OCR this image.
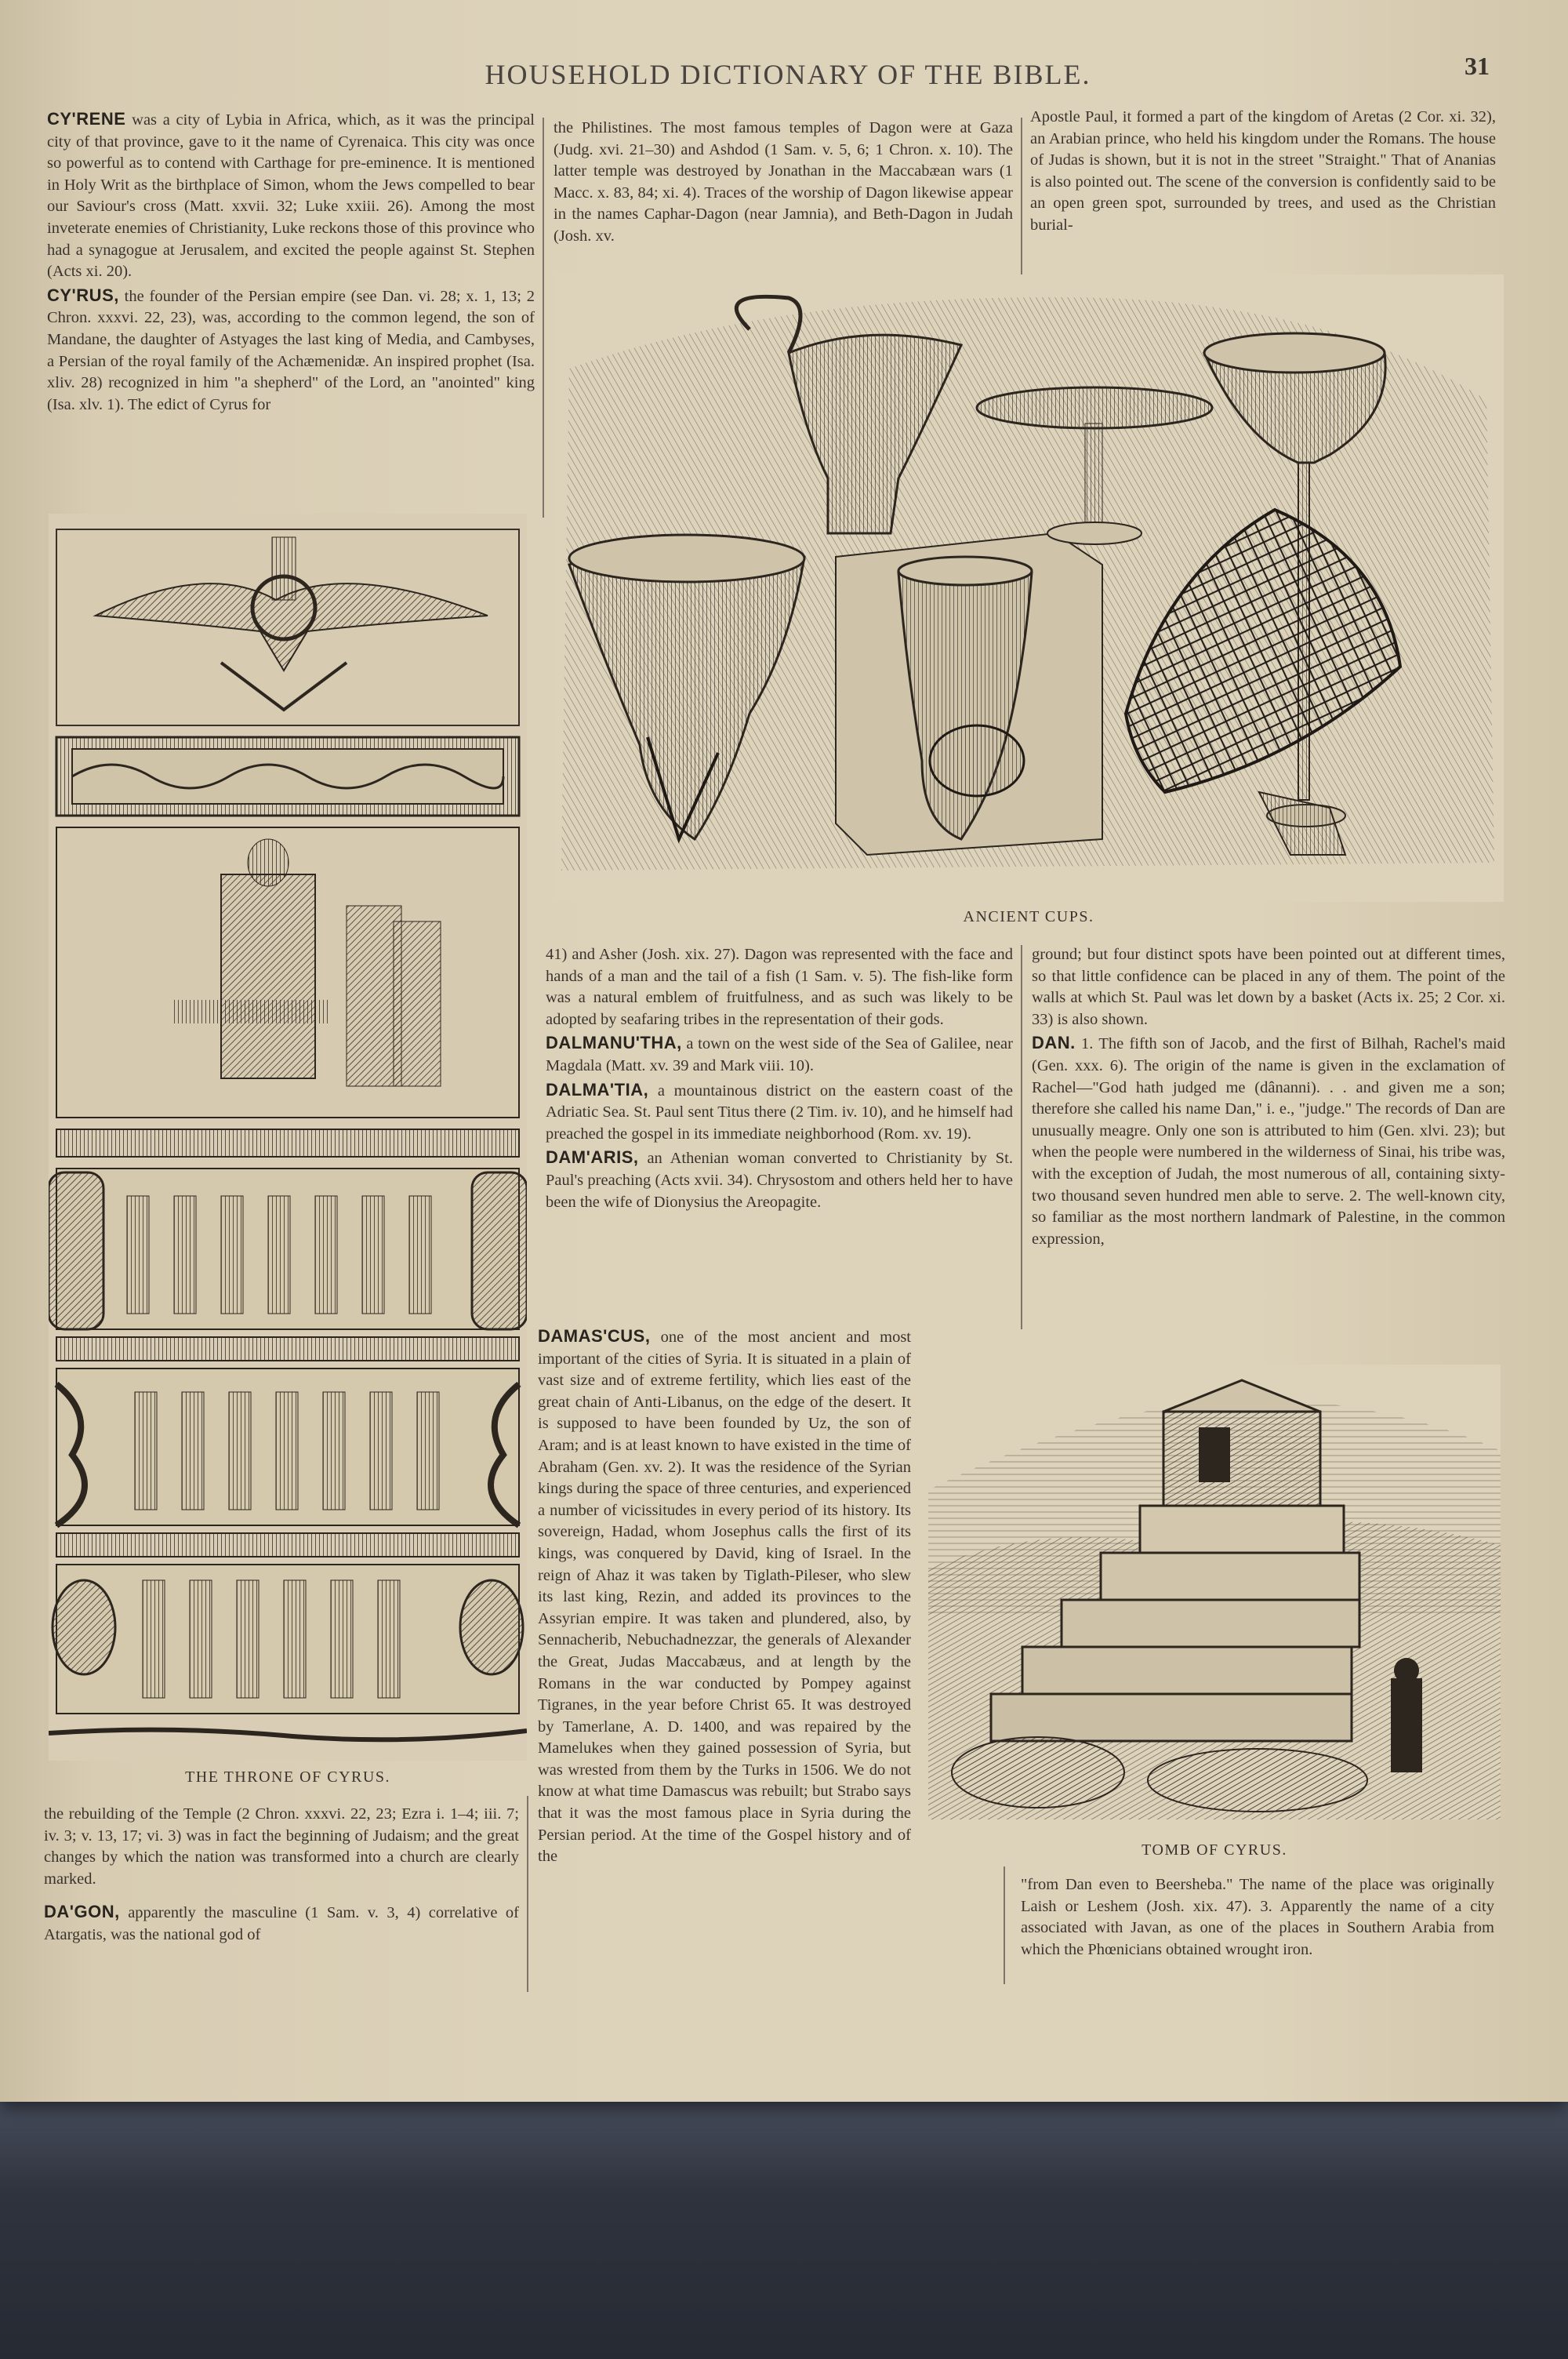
HOUSEHOLD DICTIONARY OF THE BIBLE.	31

CY'RENE was a city of Lybia in Africa, which, as it was the principal city of that province, gave to it the name of Cyrenaica. This city was once so powerful as to contend with Carthage for pre-eminence. It is mentioned in Holy Writ as the birthplace of Simon, whom the Jews compelled to bear our Saviour's cross (Matt. xxvii. 32; Luke xxiii. 26). Among the most inveterate enemies of Christianity, Luke reckons those of this province who had a synagogue at Jerusalem, and excited the people against St. Stephen (Acts xi. 20).

CY'RUS, the founder of the Persian empire (see Dan. vi. 28; x. 1, 13; 2 Chron. xxxvi. 22, 23), was, according to the common legend, the son of Mandane, the daughter of Astyages the last king of Media, and Cambyses, a Persian of the royal family of the Achæmenidæ. An inspired prophet (Isa. xliv. 28) recognized in him "a shepherd" of the Lord, an "anointed" king (Isa. xlv. 1). The edict of Cyrus for

the Philistines. The most famous temples of Dagon were at Gaza (Judg. xvi. 21–30) and Ashdod (1 Sam. v. 5, 6; 1 Chron. x. 10). The latter temple was destroyed by Jonathan in the Maccabæan wars (1 Macc. x. 83, 84; xi. 4). Traces of the worship of Dagon likewise appear in the names Caphar-Dagon (near Jamnia), and Beth-Dagon in Judah (Josh. xv.

Apostle Paul, it formed a part of the kingdom of Aretas (2 Cor. xi. 32), an Arabian prince, who held his kingdom under the Romans. The house of Judas is shown, but it is not in the street "Straight." That of Ananias is also pointed out. The scene of the conversion is confidently said to be an open green spot, surrounded by trees, and used as the Christian burial-

THE THRONE OF CYRUS.
ANCIENT CUPS.

41) and Asher (Josh. xix. 27). Dagon was represented with the face and hands of a man and the tail of a fish (1 Sam. v. 5). The fish-like form was a natural emblem of fruitfulness, and as such was likely to be adopted by seafaring tribes in the representation of their gods.

DALMANU'THA, a town on the west side of the Sea of Galilee, near Magdala (Matt. xv. 39 and Mark viii. 10).

DALMA'TIA, a mountainous district on the eastern coast of the Adriatic Sea. St. Paul sent Titus there (2 Tim. iv. 10), and he himself had preached the gospel in its immediate neighborhood (Rom. xv. 19).

DAM'ARIS, an Athenian woman converted to Christianity by St. Paul's preaching (Acts xvii. 34). Chrysostom and others held her to have been the wife of Dionysius the Areopagite.

DAMAS'CUS, one of the most ancient and most important of the cities of Syria. It is situated in a plain of vast size and of extreme fertility, which lies east of the great chain of Anti-Libanus, on the edge of the desert. It is supposed to have been founded by Uz, the son of Aram; and is at least known to have existed in the time of Abraham (Gen. xv. 2). It was the residence of the Syrian kings during the space of three centuries, and experienced a number of vicissitudes in every period of its history. Its sovereign, Hadad, whom Josephus calls the first of its kings, was conquered by David, king of Israel. In the reign of Ahaz it was taken by Tiglath-Pileser, who slew its last king, Rezin, and added its provinces to the Assyrian empire. It was taken and plundered, also, by Sennacherib, Nebuchadnezzar, the generals of Alexander the Great, Judas Maccabæus, and at length by the Romans in the war conducted by Pompey against Tigranes, in the year before Christ 65. It was destroyed by Tamerlane, A. D. 1400, and was repaired by the Mamelukes when they gained possession of Syria, but was wrested from them by the Turks in 1506. We do not know at what time Damascus was rebuilt; but Strabo says that it was the most famous place in Syria during the Persian period. At the time of the Gospel history and of the

ground; but four distinct spots have been pointed out at different times, so that little confidence can be placed in any of them. The point of the walls at which St. Paul was let down by a basket (Acts ix. 25; 2 Cor. xi. 33) is also shown.

DAN. 1. The fifth son of Jacob, and the first of Bilhah, Rachel's maid (Gen. xxx. 6). The origin of the name is given in the exclamation of Rachel—"God hath judged me (dânanni). . . and given me a son; therefore she called his name Dan," i. e., "judge." The records of Dan are unusually meagre. Only one son is attributed to him (Gen. xlvi. 23); but when the people were numbered in the wilderness of Sinai, his tribe was, with the exception of Judah, the most numerous of all, containing sixty-two thousand seven hundred men able to serve. 2. The well-known city, so familiar as the most northern landmark of Palestine, in the common expression,

TOMB OF CYRUS.

the rebuilding of the Temple (2 Chron. xxxvi. 22, 23; Ezra i. 1–4; iii. 7; iv. 3; v. 13, 17; vi. 3) was in fact the beginning of Judaism; and the great changes by which the nation was transformed into a church are clearly marked.

DA'GON, apparently the masculine (1 Sam. v. 3, 4) correlative of Atargatis, was the national god of

"from Dan even to Beersheba." The name of the place was originally Laish or Leshem (Josh. xix. 47). 3. Apparently the name of a city associated with Javan, as one of the places in Southern Arabia from which the Phœnicians obtained wrought iron.
